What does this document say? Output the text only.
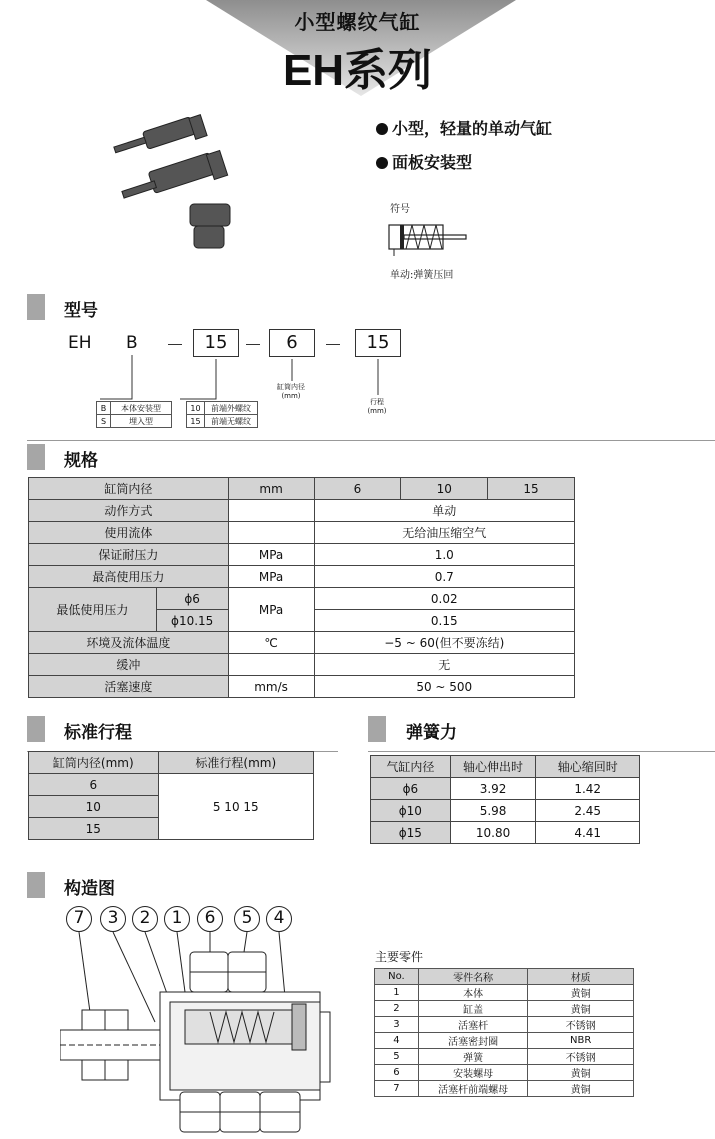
小型螺纹气缸
EH系列
小型，轻量的单动气缸
面板安装型
符号
单动:弹簧压回
型号
EH B	15	6	15
缸筒内径
(mm)
行程
(mm)
B	本体安装型
S	埋入型
10	前端外螺纹
15	前端无螺纹
规格
缸筒内径		mm	6	10	15
动作方式			单动		
使用流体			无给油压缩空气		
保证耐压力		MPa	1.0		
最高使用压力		MPa	0.7		
最低使用压力	ϕ6	MPa	0.02		
	ϕ10.15		0.15		
环境及流体温度		℃	−5 ~ 60(但不要冻结)		
缓冲			无		
活塞速度		mm/s	50 ~ 500		
标准行程
缸筒内径(mm)	标准行程(mm)
6	5 10 15
10	
15	
弹簧力
气缸内径	轴心伸出时	轴心缩回时
ϕ6	3.92	1.42
ϕ10	5.98	2.45
ϕ15	10.80	4.41
构造图
7	3	2	1	6	5	4
主要零件
No.	零件名称	材质
1	本体	黄铜
2	缸盖	黄铜
3	活塞杆	不锈钢
4	活塞密封圈	NBR
5	弹簧	不锈钢
6	安装螺母	黄铜
7	活塞杆前端螺母	黄铜
